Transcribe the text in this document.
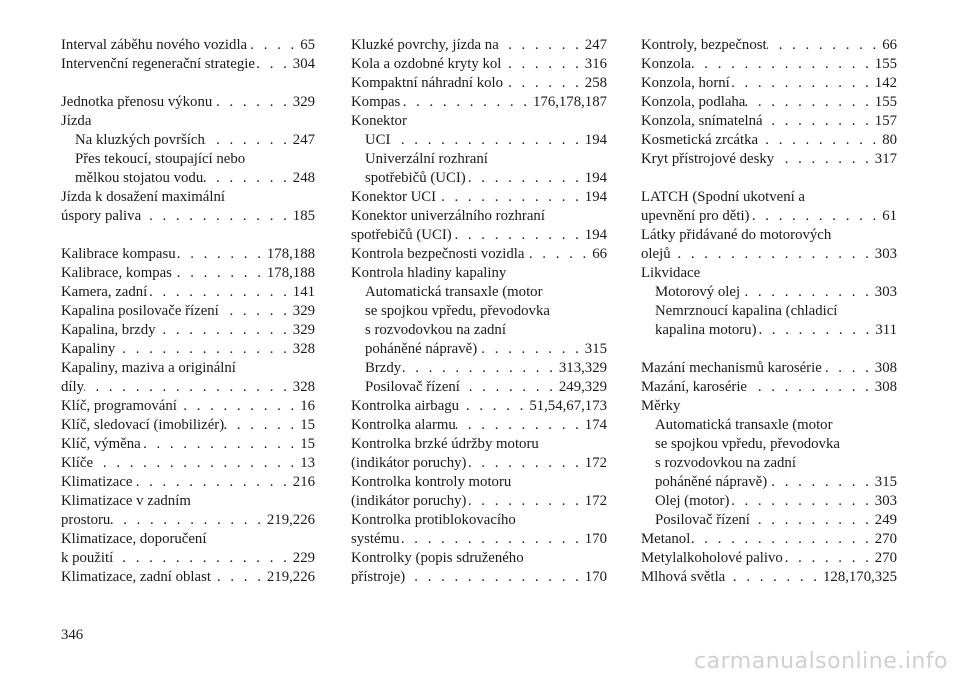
Interval záběhu nového vozidla . . .	65
Intervenční regenerační strategie . . .	304
Jednotka přenosu výkonu . . .	329
Jízda
Na kluzkých površích . . .	247
Přes tekoucí, stoupající nebo
mělkou stojatou vodu . . .	248
Jízda k dosažení maximální
úspory paliva . . .	185
Kalibrace kompasu . . .	178,188
Kalibrace, kompas . . .	178,188
Kamera, zadní . . .	141
Kapalina posilovače řízení . . .	329
Kapalina, brzdy . . .	329
Kapaliny . . .	328
Kapaliny, maziva a originální
díly . . .	328
Klíč, programování . . .	16
Klíč, sledovací (imobilizér) . . .	15
Klíč, výměna . . .	15
Klíče . . .	13
Klimatizace . . .	216
Klimatizace v zadním
prostoru . . .	219,226
Klimatizace, doporučení
k použití . . .	229
Klimatizace, zadní oblast . . .	219,226
Kluzké povrchy, jízda na . . .	247
Kola a ozdobné kryty kol . . .	316
Kompaktní náhradní kolo . . .	258
Kompas . . .	176,178,187
Konektor
UCI . . .	194
Univerzální rozhraní
spotřebičů (UCI) . . .	194
Konektor UCI . . .	194
Konektor univerzálního rozhraní
spotřebičů (UCI) . . .	194
Kontrola bezpečnosti vozidla . . .	66
Kontrola hladiny kapaliny
Automatická transaxle (motor
se spojkou vpředu, převodovka
s rozvodovkou na zadní
poháněné nápravě) . . .	315
Brzdy . . .	313,329
Posilovač řízení . . .	249,329
Kontrolka airbagu . . .	51,54,67,173
Kontrolka alarmu . . .	174
Kontrolka brzké údržby motoru
(indikátor poruchy) . . .	172
Kontrolka kontroly motoru
(indikátor poruchy) . . .	172
Kontrolka protiblokovacího
systému . . .	170
Kontrolky (popis sdruženého
přístroje) . . .	170
Kontroly, bezpečnost . . .	66
Konzola . . .	155
Konzola, horní . . .	142
Konzola, podlaha . . .	155
Konzola, snímatelná . . .	157
Kosmetická zrcátka . . .	80
Kryt přístrojové desky . . .	317
LATCH (Spodní ukotvení a
upevnění pro děti) . . .	61
Látky přidávané do motorových
olejů . . .	303
Likvidace
Motorový olej . . .	303
Nemrznoucí kapalina (chladicí
kapalina motoru) . . .	311
Mazání mechanismů karosérie . . .	308
Mazání, karosérie . . .	308
Měrky
Automatická transaxle (motor
se spojkou vpředu, převodovka
s rozvodovkou na zadní
poháněné nápravě) . . .	315
Olej (motor) . . .	303
Posilovač řízení . . .	249
Metanol . . .	270
Metylalkoholové palivo . . .	270
Mlhová světla . . .	128,170,325
346
carmanualsonline.info
